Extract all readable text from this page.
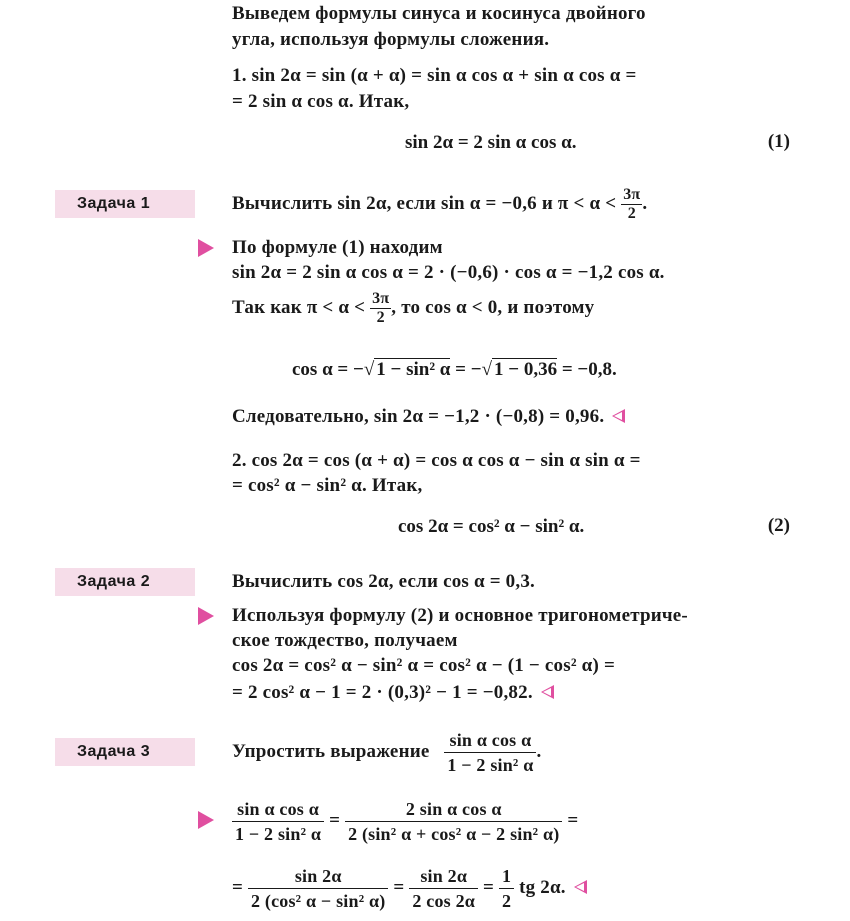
Выведем формулы синуса и косинуса двойного
угла, используя формулы сложения.
1. sin 2α = sin (α + α) = sin α cos α + sin α cos α =
= 2 sin α cos α. Итак,
sin 2α = 2 sin α cos α.	(1)
Задача 1	Вычислить sin 2α, если sin α = −0,6 и $\pi < \alpha < \frac{3\pi}{2}$ .
По формуле (1) находим
sin 2α = 2 sin α cos α = 2 · (−0,6) · cos α = −1,2 cos α.
Так как $\pi < \alpha < \frac{3\pi}{2}$ , то cos α < 0, и поэтому
cos α = −√ 1 − sin² α = −√ 1 − 0,36 = −0,8.
Следовательно, sin 2α = −1,2 · (−0,8) = 0,96.
2. cos 2α = cos (α + α) = cos α cos α − sin α sin α =
= cos² α − sin² α. Итак,
cos 2α = cos² α − sin² α.	(2)
Задача 2	Вычислить cos 2α, если cos α = 0,3.
Используя формулу (2) и основное тригонометриче-
ское тождество, получаем
cos 2α = cos² α − sin² α = cos² α − (1 − cos² α) =
= 2 cos² α − 1 = 2 · (0,3)² − 1 = −0,82.
Задача 3	Упростить выражение $\frac{\text{sin α cos α}}{\text{1 − 2 sin² α}}$ .
$\frac{\text{sin α cos α}}{\text{1 − 2 sin² α}} = \frac{\text{2 sin α cos α}}{\text{2 (sin² α + cos² α − 2 sin² α)}}$ =
= $\frac{\sin 2\alpha}{\text{2 (cos² α − sin² α)}} = \frac{\sin 2\alpha}{2 \cos 2\alpha} = \frac{1}{2}$ tg 2α.
